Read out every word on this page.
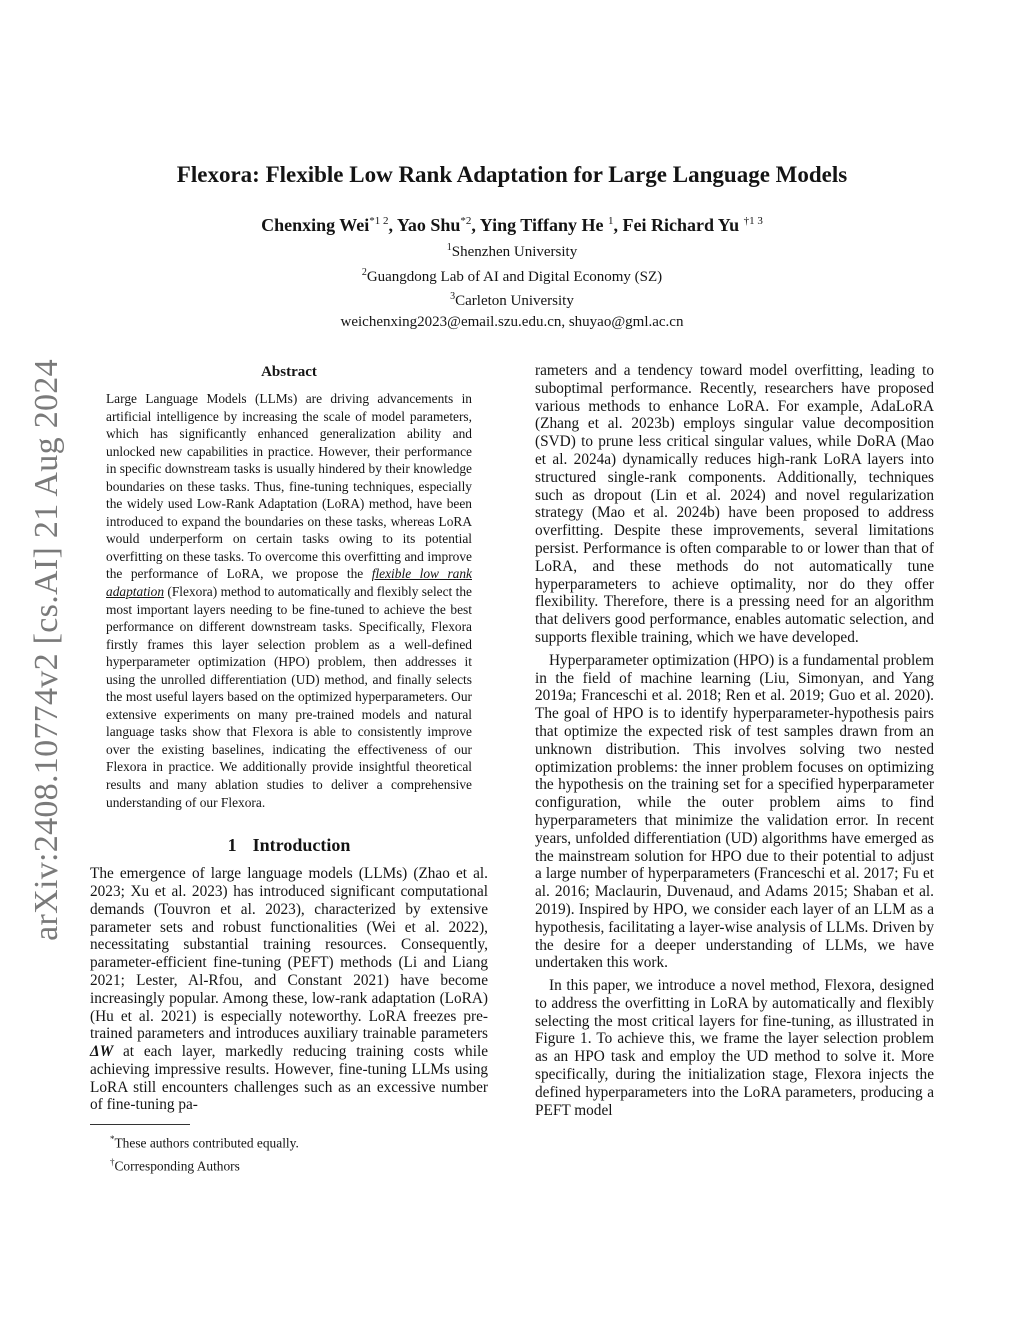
arXiv:2408.10774v2 [cs.AI] 21 Aug 2024
Flexora: Flexible Low Rank Adaptation for Large Language Models
Chenxing Wei$^{*1 2}$, Yao Shu$^{*2}$, Ying Tiffany He $^1$, Fei Richard Yu $^{\dagger 1 3}$
$^1$Shenzhen University
$^2$Guangdong Lab of AI and Digital Economy (SZ)
$^3$Carleton University
weichenxing2023@email.szu.edu.cn, shuyao@gml.ac.cn
Abstract

Large Language Models (LLMs) are driving advancements in artificial intelligence by increasing the scale of model parameters, which has significantly enhanced generalization ability and unlocked new capabilities in practice. However, their performance in specific downstream tasks is usually hindered by their knowledge boundaries on these tasks. Thus, fine-tuning techniques, especially the widely used Low-Rank Adaptation (LoRA) method, have been introduced to expand the boundaries on these tasks, whereas LoRA would underperform on certain tasks owing to its potential overfitting on these tasks. To overcome this overfitting and improve the performance of LoRA, we propose the flexible low rank adaptation (Flexora) method to automatically and flexibly select the most important layers needing to be fine-tuned to achieve the best performance on different downstream tasks. Specifically, Flexora firstly frames this layer selection problem as a well-defined hyperparameter optimization (HPO) problem, then addresses it using the unrolled differentiation (UD) method, and finally selects the most useful layers based on the optimized hyperparameters. Our extensive experiments on many pre-trained models and natural language tasks show that Flexora is able to consistently improve over the existing baselines, indicating the effectiveness of our Flexora in practice. We additionally provide insightful theoretical results and many ablation studies to deliver a comprehensive understanding of our Flexora.

1 Introduction

The emergence of large language models (LLMs) (Zhao et al. 2023; Xu et al. 2023) has introduced significant computational demands (Touvron et al. 2023), characterized by extensive parameter sets and robust functionalities (Wei et al. 2022), necessitating substantial training resources. Consequently, parameter-efficient fine-tuning (PEFT) methods (Li and Liang 2021; Lester, Al-Rfou, and Constant 2021) have become increasingly popular. Among these, low-rank adaptation (LoRA) (Hu et al. 2021) is especially noteworthy. LoRA freezes pre-trained parameters and introduces auxiliary trainable parameters ΔW at each layer, markedly reducing training costs while achieving impressive results. However, fine-tuning LLMs using LoRA still encounters challenges such as an excessive number of fine-tuning pa-

*These authors contributed equally.
†Corresponding Authors

rameters and a tendency toward model overfitting, leading to suboptimal performance. Recently, researchers have proposed various methods to enhance LoRA. For example, AdaLoRA (Zhang et al. 2023b) employs singular value decomposition (SVD) to prune less critical singular values, while DoRA (Mao et al. 2024a) dynamically reduces high-rank LoRA layers into structured single-rank components. Additionally, techniques such as dropout (Lin et al. 2024) and novel regularization strategy (Mao et al. 2024b) have been proposed to address overfitting. Despite these improvements, several limitations persist. Performance is often comparable to or lower than that of LoRA, and these methods do not automatically tune hyperparameters to achieve optimality, nor do they offer flexibility. Therefore, there is a pressing need for an algorithm that delivers good performance, enables automatic selection, and supports flexible training, which we have developed.

Hyperparameter optimization (HPO) is a fundamental problem in the field of machine learning (Liu, Simonyan, and Yang 2019a; Franceschi et al. 2018; Ren et al. 2019; Guo et al. 2020). The goal of HPO is to identify hyperparameter-hypothesis pairs that optimize the expected risk of test samples drawn from an unknown distribution. This involves solving two nested optimization problems: the inner problem focuses on optimizing the hypothesis on the training set for a specified hyperparameter configuration, while the outer problem aims to find hyperparameters that minimize the validation error. In recent years, unfolded differentiation (UD) algorithms have emerged as the mainstream solution for HPO due to their potential to adjust a large number of hyperparameters (Franceschi et al. 2017; Fu et al. 2016; Maclaurin, Duvenaud, and Adams 2015; Shaban et al. 2019). Inspired by HPO, we consider each layer of an LLM as a hypothesis, facilitating a layer-wise analysis of LLMs. Driven by the desire for a deeper understanding of LLMs, we have undertaken this work.

In this paper, we introduce a novel method, Flexora, designed to address the overfitting in LoRA by automatically and flexibly selecting the most critical layers for fine-tuning, as illustrated in Figure 1. To achieve this, we frame the layer selection problem as an HPO task and employ the UD method to solve it. More specifically, during the initialization stage, Flexora injects the defined hyperparameters into the LoRA parameters, producing a PEFT model
